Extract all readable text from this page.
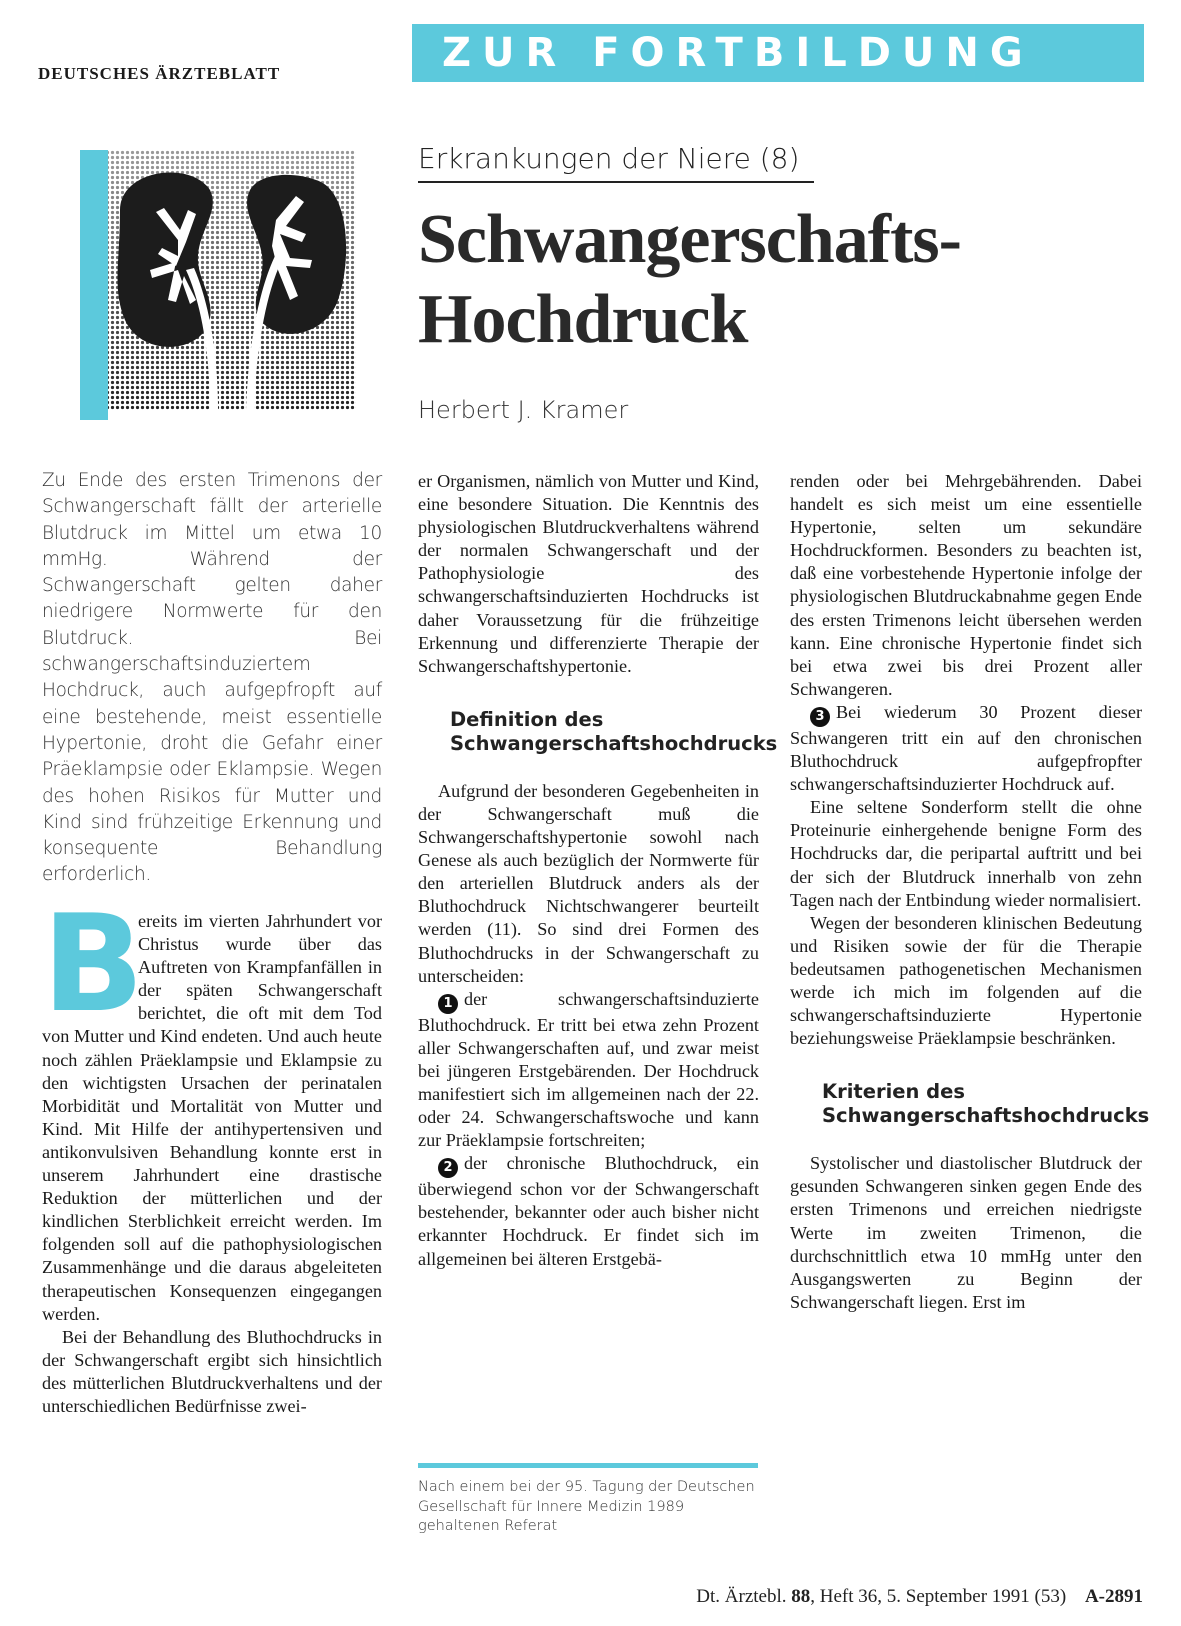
DEUTSCHES ÄRZTEBLATT	ZUR FORTBILDUNG
Erkrankungen der Niere (8)
Schwangerschafts-
Hochdruck
Herbert J. Kramer
Zu Ende des ersten Trimenons der Schwangerschaft fällt der arterielle Blutdruck im Mittel um etwa 10 mmHg. Während der Schwangerschaft gelten daher niedrigere Normwerte für den Blutdruck. Bei schwangerschaftsinduziertem Hochdruck, auch aufgepfropft auf eine bestehende, meist essentielle Hypertonie, droht die Gefahr einer Präeklampsie oder Eklampsie. Wegen des hohen Risikos für Mutter und Kind sind frühzeitige Erkennung und konsequente Behandlung erforderlich.

B
ereits im vierten Jahrhundert vor Christus wurde über das Auftreten von Krampfanfällen in der späten Schwangerschaft berichtet, die oft mit dem Tod von Mutter und Kind endeten. Und auch heute noch zählen Präeklampsie und Eklampsie zu den wichtigsten Ursachen der perinatalen Morbidität und Mortalität von Mutter und Kind. Mit Hilfe der antihypertensiven und antikonvulsiven Behandlung konnte erst in unserem Jahrhundert eine drastische Reduktion der mütterlichen und der kindlichen Sterblichkeit erreicht werden. Im folgenden soll auf die pathophysiologischen Zusammenhänge und die daraus abgeleiteten therapeutischen Konsequenzen eingegangen werden.

Bei der Behandlung des Bluthochdrucks in der Schwangerschaft ergibt sich hinsichtlich des mütterlichen Blutdruckverhaltens und der unterschiedlichen Bedürfnisse zwei-

er Organismen, nämlich von Mutter und Kind, eine besondere Situation. Die Kenntnis des physiologischen Blutdruckverhaltens während der normalen Schwangerschaft und der Pathophysiologie des schwangerschaftsinduzierten Hochdrucks ist daher Voraussetzung für die frühzeitige Erkennung und differenzierte Therapie der Schwangerschaftshypertonie.

Definition des Schwangerschaftshochdrucks

Aufgrund der besonderen Gegebenheiten in der Schwangerschaft muß die Schwangerschaftshypertonie sowohl nach Genese als auch bezüglich der Normwerte für den arteriellen Blutdruck anders als der Bluthochdruck Nichtschwangerer beurteilt werden (11). So sind drei Formen des Bluthochdrucks in der Schwangerschaft zu unterscheiden:

1 der schwangerschaftsinduzierte Bluthochdruck. Er tritt bei etwa zehn Prozent aller Schwangerschaften auf, und zwar meist bei jüngeren Erstgebärenden. Der Hochdruck manifestiert sich im allgemeinen nach der 22. oder 24. Schwangerschaftswoche und kann zur Präeklampsie fortschreiten;

2 der chronische Bluthochdruck, ein überwiegend schon vor der Schwangerschaft bestehender, bekannter oder auch bisher nicht erkannter Hochdruck. Er findet sich im allgemeinen bei älteren Erstgebä-

Nach einem bei der 95. Tagung der Deutschen Gesellschaft für Innere Medizin 1989 gehaltenen Referat

renden oder bei Mehrgebährenden. Dabei handelt es sich meist um eine essentielle Hypertonie, selten um sekundäre Hochdruckformen. Besonders zu beachten ist, daß eine vorbestehende Hypertonie infolge der physiologischen Blutdruckabnahme gegen Ende des ersten Trimenons leicht übersehen werden kann. Eine chronische Hypertonie findet sich bei etwa zwei bis drei Prozent aller Schwangeren.

3 Bei wiederum 30 Prozent dieser Schwangeren tritt ein auf den chronischen Bluthochdruck aufgepfropfter schwangerschaftsinduzierter Hochdruck auf.

Eine seltene Sonderform stellt die ohne Proteinurie einhergehende benigne Form des Hochdrucks dar, die peripartal auftritt und bei der sich der Blutdruck innerhalb von zehn Tagen nach der Entbindung wieder normalisiert.

Wegen der besonderen klinischen Bedeutung und Risiken sowie der für die Therapie bedeutsamen pathogenetischen Mechanismen werde ich mich im folgenden auf die schwangerschaftsinduzierte Hypertonie beziehungsweise Präeklampsie beschränken.

Kriterien des Schwangerschaftshochdrucks

Systolischer und diastolischer Blutdruck der gesunden Schwangeren sinken gegen Ende des ersten Trimenons und erreichen niedrigste Werte im zweiten Trimenon, die durchschnittlich etwa 10 mmHg unter den Ausgangswerten zu Beginn der Schwangerschaft liegen. Erst im

Dt. Ärztebl. 88, Heft 36, 5. September 1991 (53) A-2891
